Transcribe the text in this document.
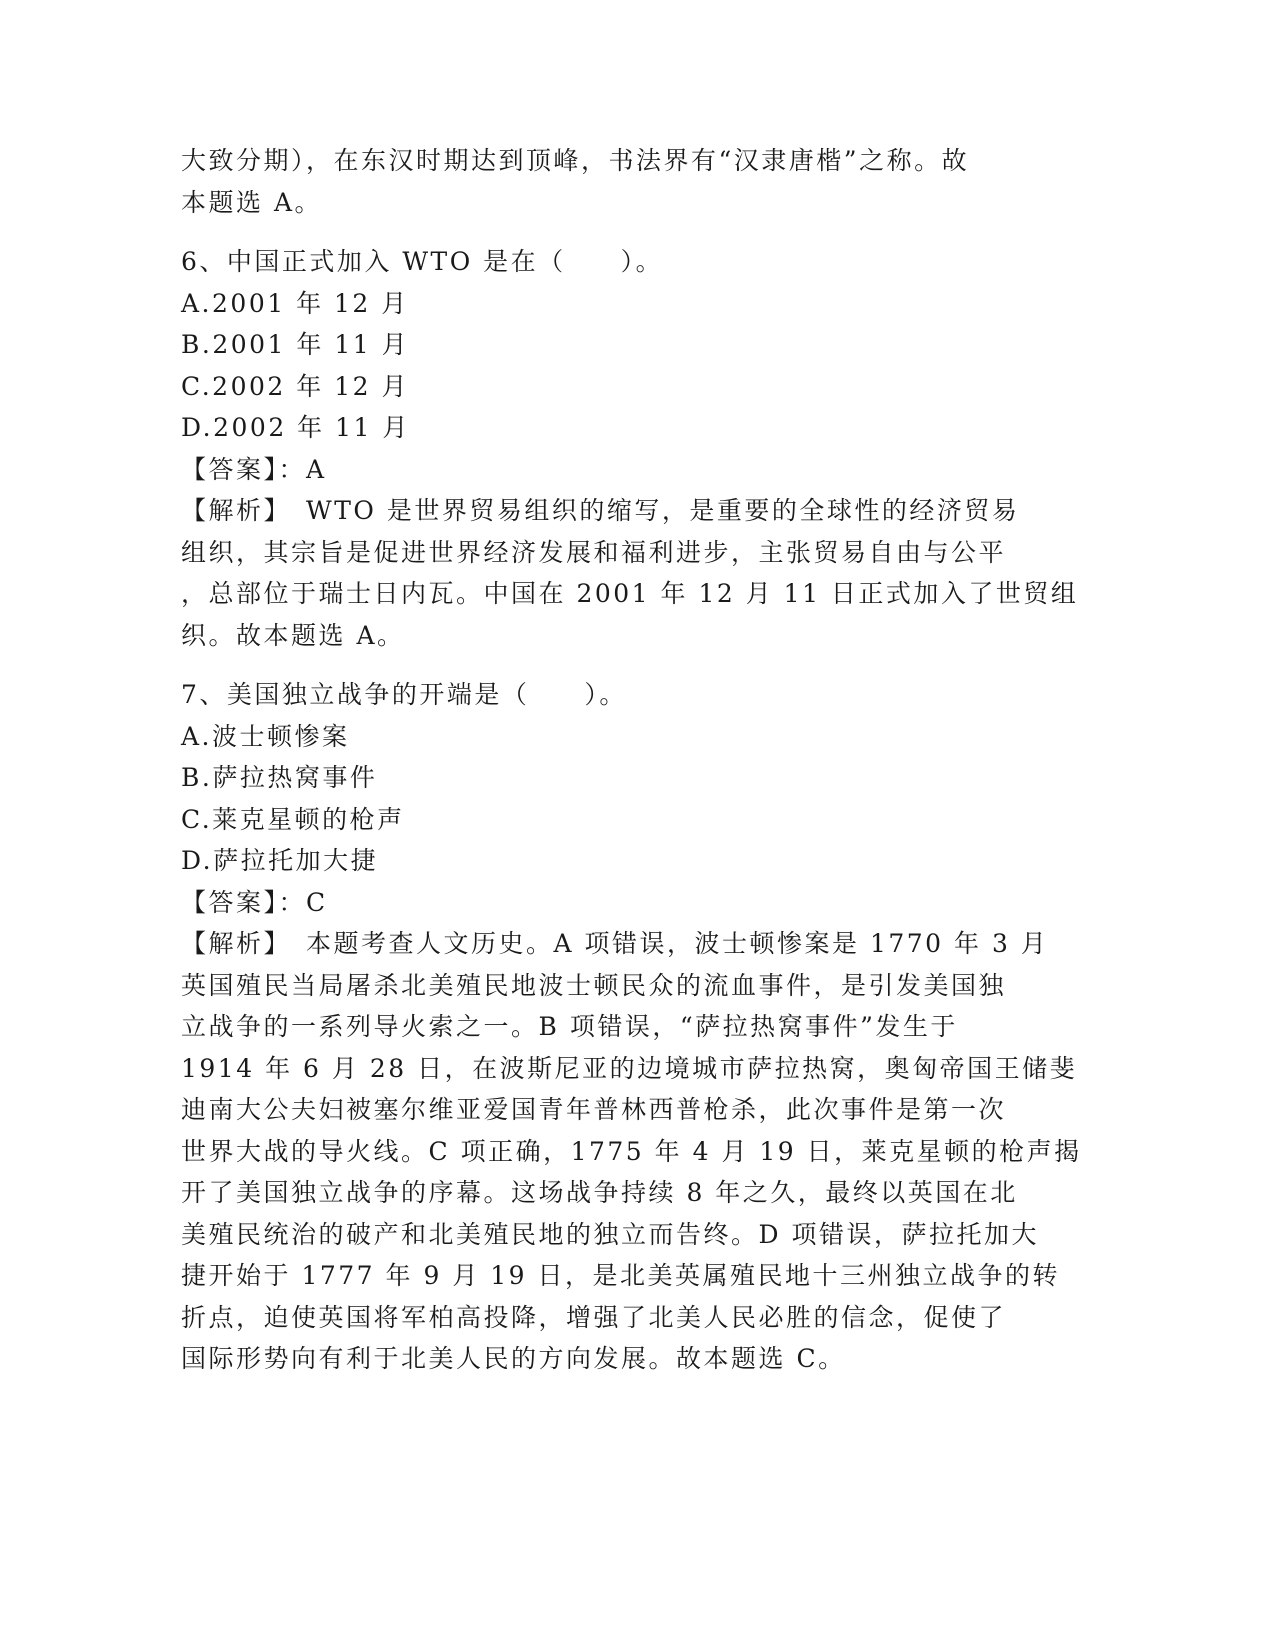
大致分期），在东汉时期达到顶峰，书法界有“汉隶唐楷”之称。故
本题选 A。
6、中国正式加入 WTO 是在（　　）。
A.2001 年 12 月
B.2001 年 11 月
C.2002 年 12 月
D.2002 年 11 月
【答案】：A
【解析】　WTO 是世界贸易组织的缩写，是重要的全球性的经济贸易
组织，其宗旨是促进世界经济发展和福利进步，主张贸易自由与公平
，总部位于瑞士日内瓦。中国在 2001 年 12 月 11 日正式加入了世贸组
织。故本题选 A。
7、美国独立战争的开端是（　　）。
A.波士顿惨案
B.萨拉热窝事件
C.莱克星顿的枪声
D.萨拉托加大捷
【答案】：C
【解析】　本题考查人文历史。A 项错误，波士顿惨案是 1770 年 3 月
英国殖民当局屠杀北美殖民地波士顿民众的流血事件，是引发美国独
立战争的一系列导火索之一。B 项错误，“萨拉热窝事件”发生于
1914 年 6 月 28 日，在波斯尼亚的边境城市萨拉热窝，奥匈帝国王储斐
迪南大公夫妇被塞尔维亚爱国青年普林西普枪杀，此次事件是第一次
世界大战的导火线。C 项正确，1775 年 4 月 19 日，莱克星顿的枪声揭
开了美国独立战争的序幕。这场战争持续 8 年之久，最终以英国在北
美殖民统治的破产和北美殖民地的独立而告终。D 项错误，萨拉托加大
捷开始于 1777 年 9 月 19 日，是北美英属殖民地十三州独立战争的转
折点，迫使英国将军柏高投降，增强了北美人民必胜的信念，促使了
国际形势向有利于北美人民的方向发展。故本题选 C。
